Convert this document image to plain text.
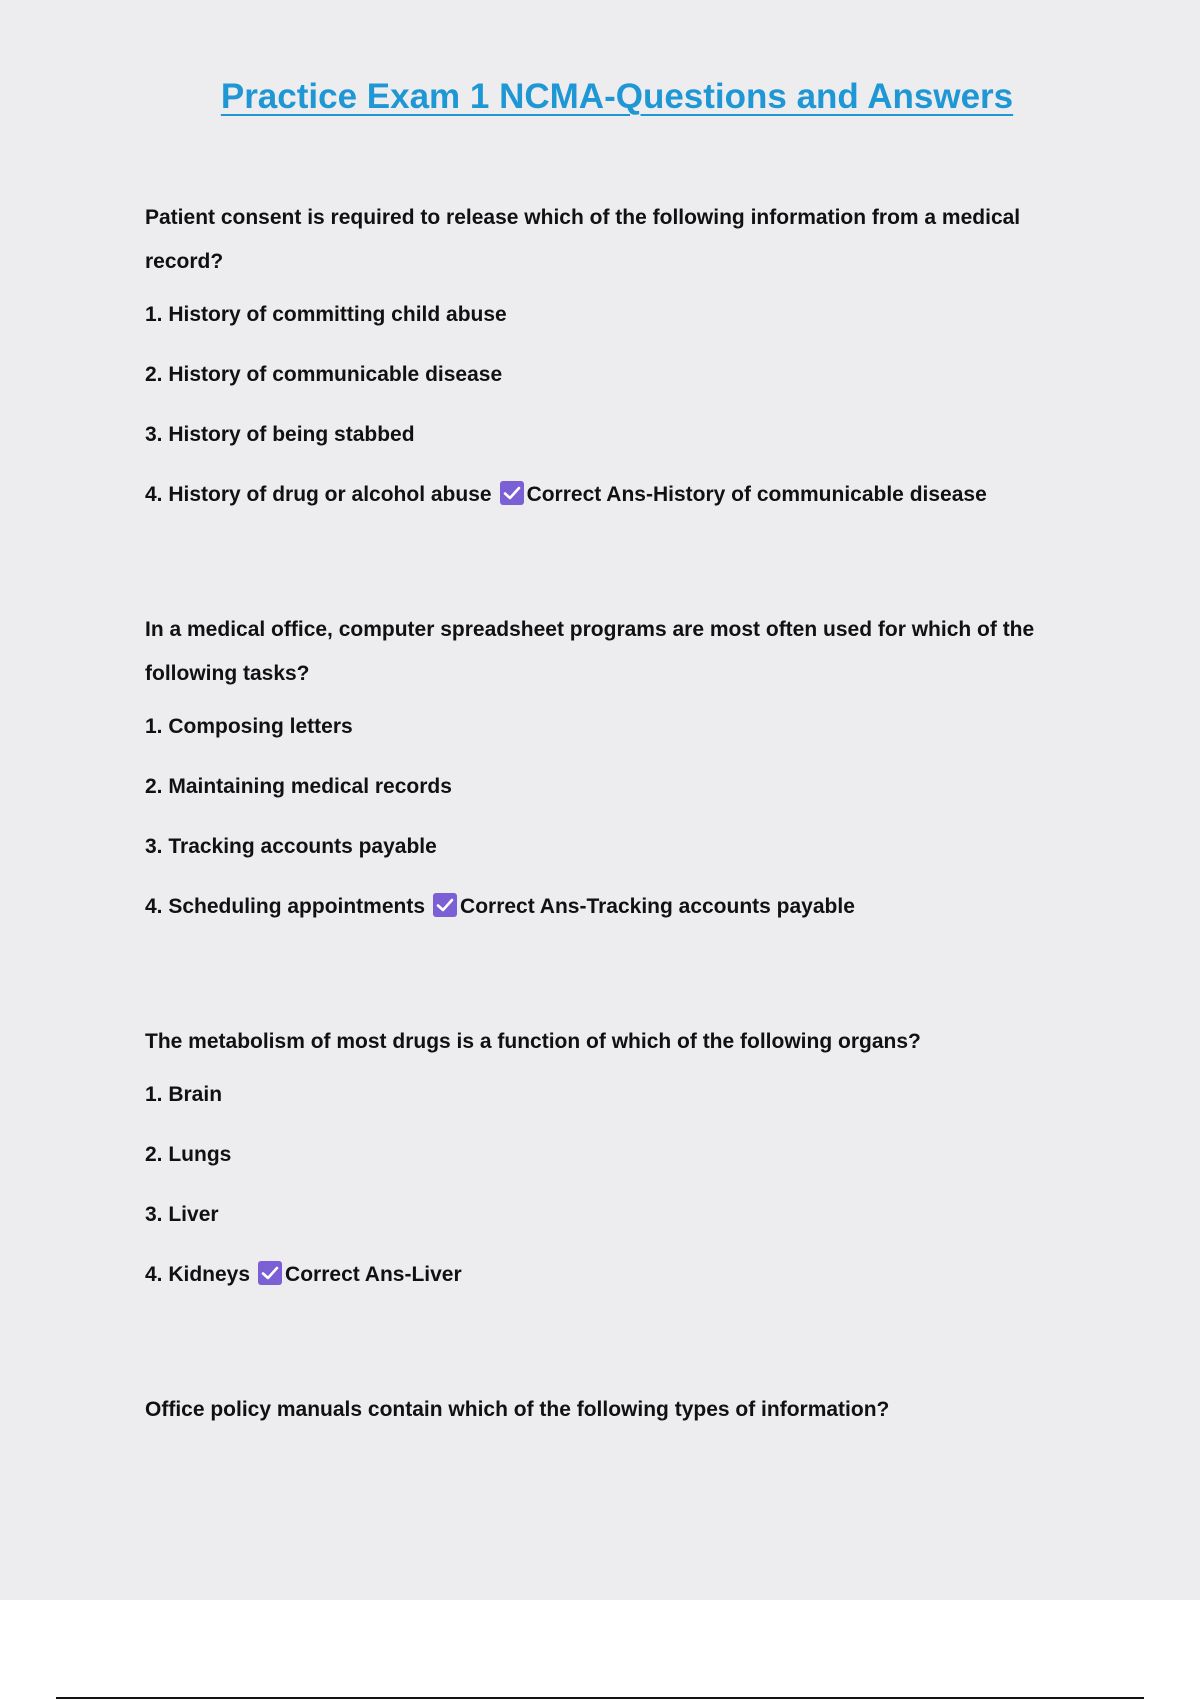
Practice Exam 1 NCMA-Questions and Answers

Patient consent is required to release which of the following information from a medical record?

1. History of committing child abuse

2. History of communicable disease

3. History of being stabbed

4. History of drug or alcohol abuse Correct Ans-History of communicable disease

In a medical office, computer spreadsheet programs are most often used for which of the following tasks?

1. Composing letters

2. Maintaining medical records

3. Tracking accounts payable

4. Scheduling appointments Correct Ans-Tracking accounts payable

The metabolism of most drugs is a function of which of the following organs?

1. Brain

2. Lungs

3. Liver

4. Kidneys Correct Ans-Liver

Office policy manuals contain which of the following types of information?
